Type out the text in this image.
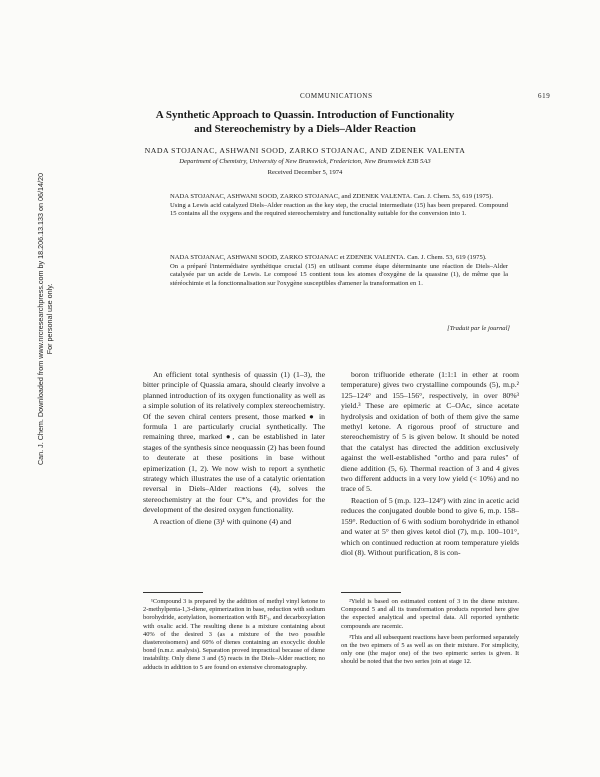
COMMUNICATIONS	619
Can. J. Chem. Downloaded from www.nrcresearchpress.com by 18.206.13.133 on 06/14/20 For personal use only.
A Synthetic Approach to Quassin. Introduction of Functionality
and Stereochemistry by a Diels–Alder Reaction
NADA STOJANAC, ASHWANI SOOD, ZARKO STOJANAC, AND ZDENEK VALENTA
Department of Chemistry, University of New Brunswick, Fredericton, New Brunswick E3B 5A3
Received December 5, 1974
NADA STOJANAC, ASHWANI SOOD, ZARKO STOJANAC, and ZDENEK VALENTA. Can. J. Chem. 53, 619 (1975).
Using a Lewis acid catalyzed Diels–Alder reaction as the key step, the crucial intermediate (15) has been prepared. Compound 15 contains all the oxygens and the required stereochemistry and functionality suitable for the conversion into 1.
NADA STOJANAC, ASHWANI SOOD, ZARKO STOJANAC et ZDENEK VALENTA. Can. J. Chem. 53, 619 (1975).
On a préparé l'intermédiaire synthétique crucial (15) en utilisant comme étape déterminante une réaction de Diels–Alder catalysée par un acide de Lewis. Le composé 15 contient tous les atomes d'oxygène de la quassine (1), de même que la stéréochimie et la fonctionnalisation sur l'oxygène susceptibles d'amener la transformation en 1.
[Traduit par le journal]

An efficient total synthesis of quassin (1) (1–3), the bitter principle of Quassia amara, should clearly involve a planned introduction of its oxygen functionality as well as a simple solution of its relatively complex stereochemistry. Of the seven chiral centers present, those marked ● in formula 1 are particularly crucial synthetically. The remaining three, marked ●, can be established in later stages of the synthesis since neoquassin (2) has been found to deuterate at these positions in base without epimerization (1, 2). We now wish to report a synthetic strategy which illustrates the use of a catalytic orientation reversal in Diels–Alder reactions (4), solves the stereochemistry at the four C*'s, and provides for the development of the desired oxygen functionality.

A reaction of diene (3)¹ with quinone (4) and

boron trifluoride etherate (1:1:1 in ether at room temperature) gives two crystalline compounds (5), m.p.² 125–124° and 155–156°, respectively, in over 80%³ yield.³ These are epimeric at C–OAc, since acetate hydrolysis and oxidation of both of them give the same methyl ketone. A rigorous proof of structure and stereochemistry of 5 is given below. It should be noted that the catalyst has directed the addition exclusively against the well-established "ortho and para rules" of diene addition (5, 6). Thermal reaction of 3 and 4 gives two different adducts in a very low yield (< 10%) and no trace of 5.

Reaction of 5 (m.p. 123–124°) with zinc in acetic acid reduces the conjugated double bond to give 6, m.p. 158–159°. Reduction of 6 with sodium borohydride in ethanol and water at 5° then gives ketol diol (7), m.p. 100–101°, which on continued reduction at room temperature yields diol (8). Without purification, 8 is con-

¹Compound 3 is prepared by the addition of methyl vinyl ketone to 2-methylpenta-1,3-diene, epimerization in base, reduction with sodium borohydride, acetylation, isomerization with BF₃, and decarboxylation with oxalic acid. The resulting diene is a mixture containing about 40% of the desired 3 (as a mixture of the two possible diastereoisomers) and 60% of dienes containing an exocyclic double bond (n.m.r. analysis). Separation proved impractical because of diene instability. Only diene 3 and (5) reacts in the Diels–Alder reaction; no adducts in addition to 5 are found on extensive chromatography.

²Yield is based on estimated content of 3 in the diene mixture. Compound 5 and all its transformation products reported here give the expected analytical and spectral data. All reported synthetic compounds are racemic.

³This and all subsequent reactions have been performed separately on the two epimers of 5 as well as on their mixture. For simplicity, only one (the major one) of the two epimeric series is given. It should be noted that the two series join at stage 12.
